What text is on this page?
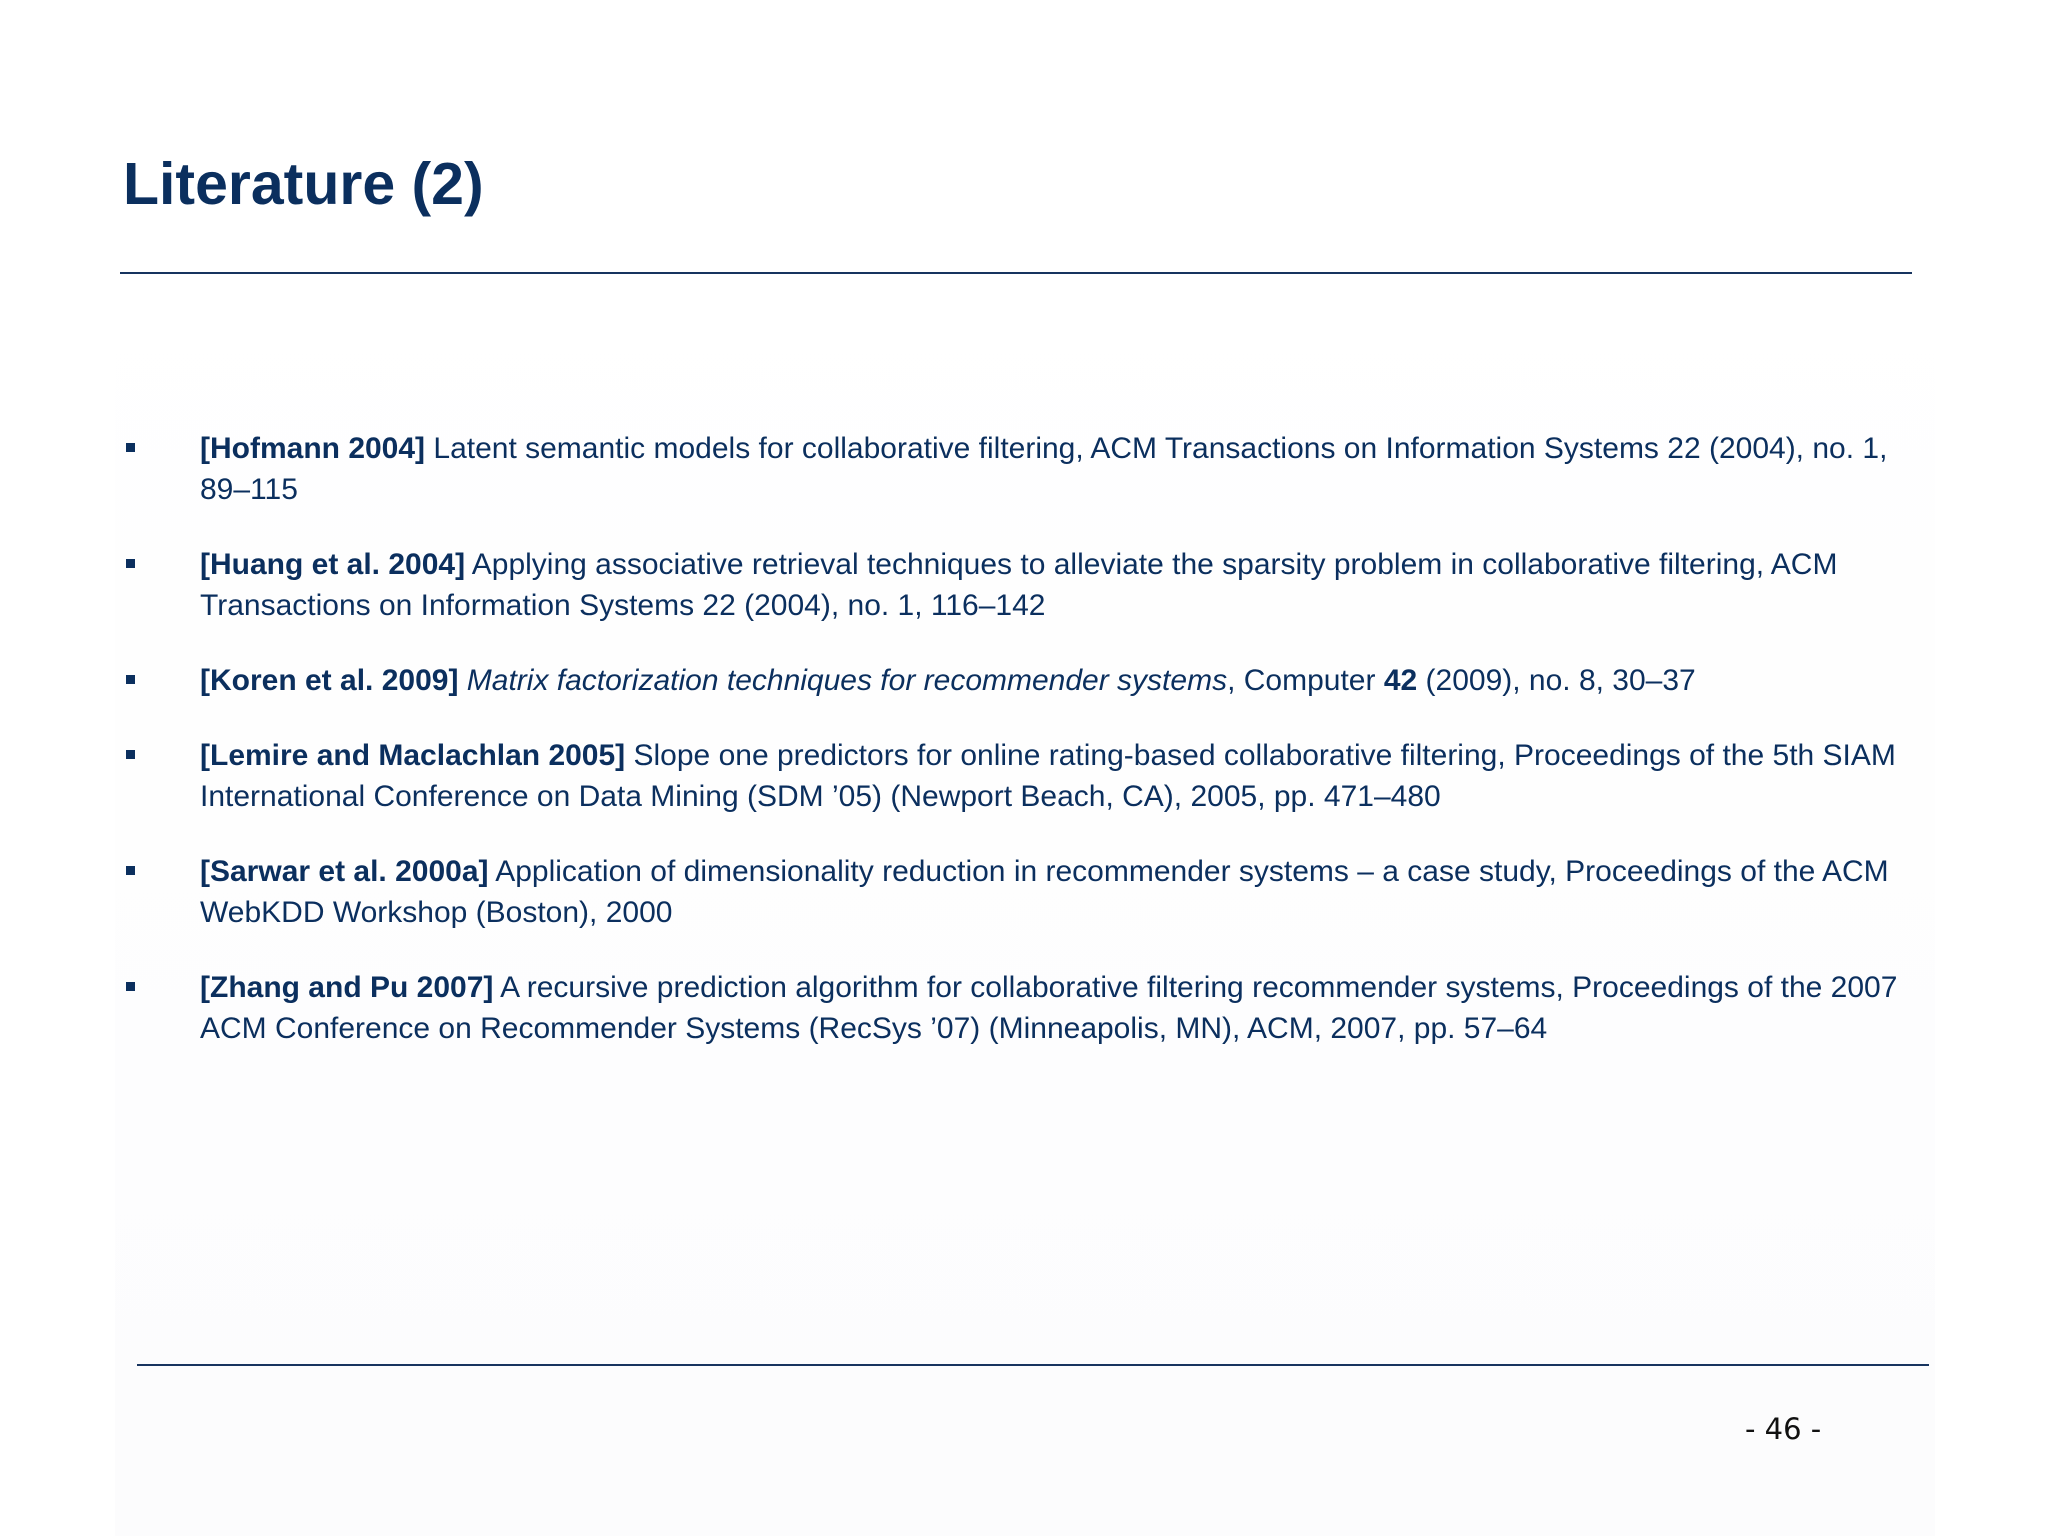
Literature (2)
[Hofmann 2004] Latent semantic models for collaborative filtering, ACM Transactions on Information Systems 22 (2004), no. 1, 89–115
[Huang et al. 2004] Applying associative retrieval techniques to alleviate the sparsity problem in collaborative filtering, ACM Transactions on Information Systems 22 (2004), no. 1, 116–142
[Koren et al. 2009] Matrix factorization techniques for recommender systems, Computer 42 (2009), no. 8, 30–37
[Lemire and Maclachlan 2005] Slope one predictors for online rating-based collaborative filtering, Proceedings of the 5th SIAM International Conference on Data Mining (SDM ’05) (Newport Beach, CA), 2005, pp. 471–480
[Sarwar et al. 2000a] Application of dimensionality reduction in recommender systems – a case study, Proceedings of the ACM WebKDD Workshop (Boston), 2000
[Zhang and Pu 2007] A recursive prediction algorithm for collaborative filtering recommender systems, Proceedings of the 2007 ACM Conference on Recommender Systems (RecSys ’07) (Minneapolis, MN), ACM, 2007, pp. 57–64
- 46 -
